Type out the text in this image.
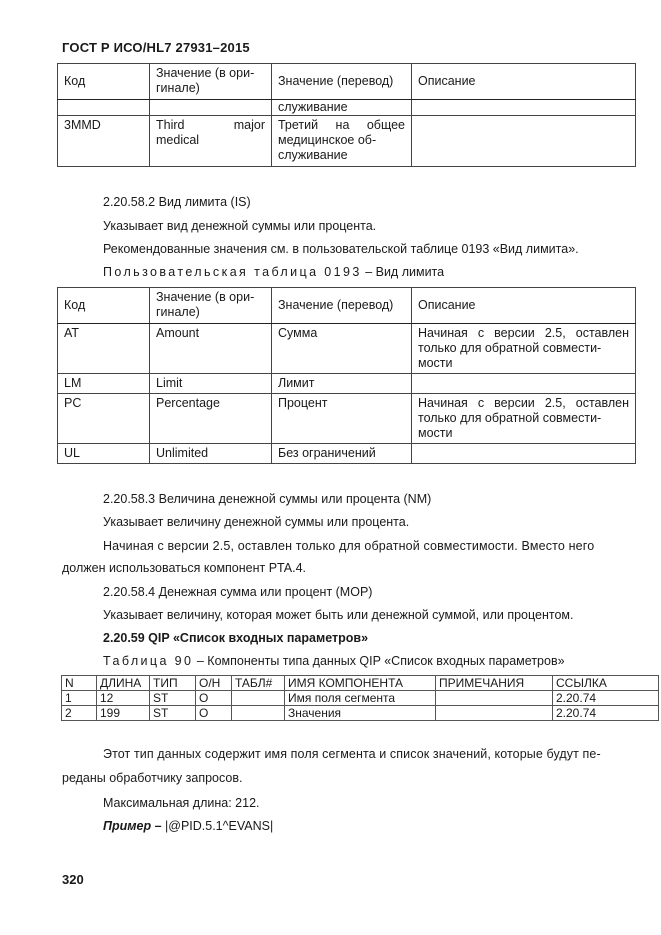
ГОСТ Р ИСО/HL7 27931–2015
Код	Значение (в ори-
гинале)	Значение (перевод)	Описание
		служивание	
3MMD	Third major medical	Третий на общее медицинское об-
служивание	
2.20.58.2 Вид лимита (IS)
Указывает вид денежной суммы или процента.
Рекомендованные значения см. в пользовательской таблице 0193 «Вид лимита».
Пользовательская таблица 0193 – Вид лимита
Код	Значение (в ори-
гинале)	Значение (перевод)	Описание
AT	Amount	Сумма	Начиная с версии 2.5, оставлен только для обратной совмести-
мости
LM	Limit	Лимит	
PC	Percentage	Процент	Начиная с версии 2.5, оставлен только для обратной совмести-
мости
UL	Unlimited	Без ограничений	
2.20.58.3 Величина денежной суммы или процента (NM)
Указывает величину денежной суммы или процента.
Начиная с версии 2.5, оставлен только для обратной совместимости. Вместо него
должен использоваться компонент PTA.4.
2.20.58.4 Денежная сумма или процент (MOP)
Указывает величину, которая может быть или денежной суммой, или процентом.
2.20.59 QIP «Список входных параметров»
Таблица 90 – Компоненты типа данных QIP «Список входных параметров»
N	ДЛИНА	ТИП	О/Н	ТАБЛ#	ИМЯ КОМПОНЕНТА	ПРИМЕЧАНИЯ	ССЫЛКА
1	12	ST	О		Имя поля сегмента		2.20.74
2	199	ST	О		Значения		2.20.74
Этот тип данных содержит имя поля сегмента и список значений, которые будут пе-
реданы обработчику запросов.
Максимальная длина: 212.
Пример – |@PID.5.1^EVANS|
320
